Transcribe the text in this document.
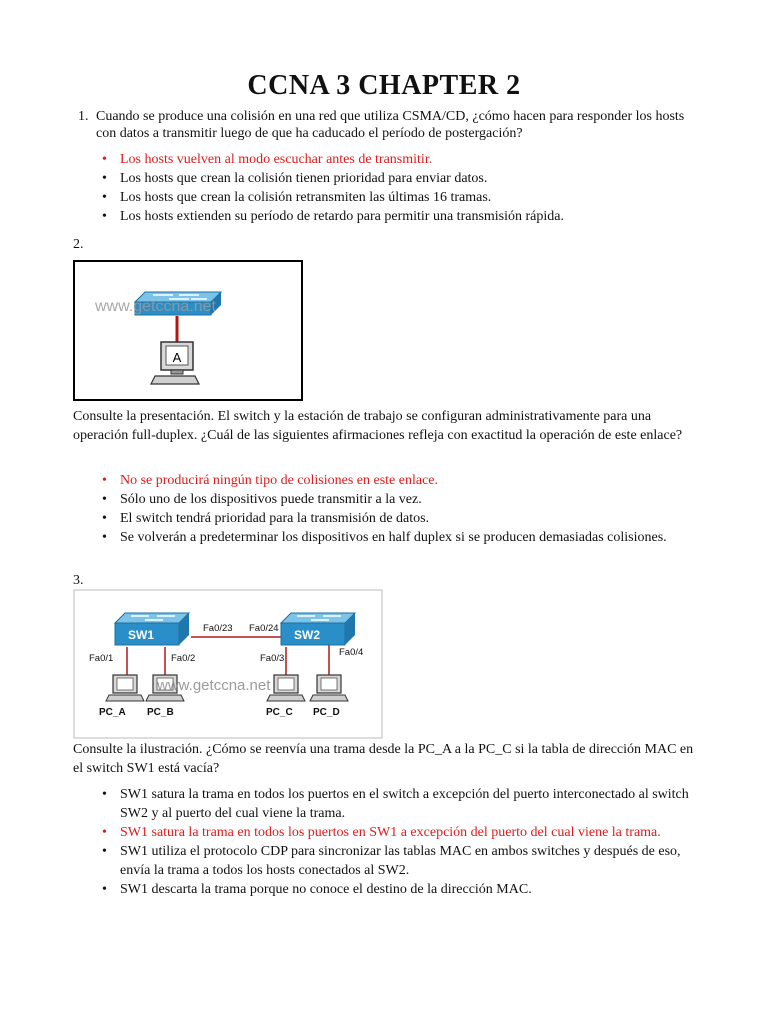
CCNA 3 CHAPTER 2
1. Cuando se produce una colisión en una red que utiliza CSMA/CD, ¿cómo hacen para responder los hosts con datos a transmitir luego de que ha caducado el período de postergación?
• Los hosts vuelven al modo escuchar antes de transmitir.
• Los hosts que crean la colisión tienen prioridad para enviar datos.
• Los hosts que crean la colisión retransmiten las últimas 16 tramas.
• Los hosts extienden su período de retardo para permitir una transmisión rápida.
2.
www.getccna.net
A
Consulte la presentación. El switch y la estación de trabajo se configuran administrativamente para una operación full-duplex. ¿Cuál de las siguientes afirmaciones refleja con exactitud la operación de este enlace?
• No se producirá ningún tipo de colisiones en este enlace.
• Sólo uno de los dispositivos puede transmitir a la vez.
• El switch tendrá prioridad para la transmisión de datos.
• Se volverán a predeterminar los dispositivos en half duplex si se producen demasiadas colisiones.
3.
SW1	SW2
Fa0/23 Fa0/24
Fa0/1	Fa0/2	Fa0/3
Fa0/4
www.getccna.net
PC_A PC_B	PC_C PC_D
Consulte la ilustración. ¿Cómo se reenvía una trama desde la PC_A a la PC_C si la tabla de dirección MAC en el switch SW1 está vacía?
• SW1 satura la trama en todos los puertos en el switch a excepción del puerto interconectado al switch SW2 y al puerto del cual viene la trama.
• SW1 satura la trama en todos los puertos en SW1 a excepción del puerto del cual viene la trama.
• SW1 utiliza el protocolo CDP para sincronizar las tablas MAC en ambos switches y después de eso, envía la trama a todos los hosts conectados al SW2.
• SW1 descarta la trama porque no conoce el destino de la dirección MAC.
